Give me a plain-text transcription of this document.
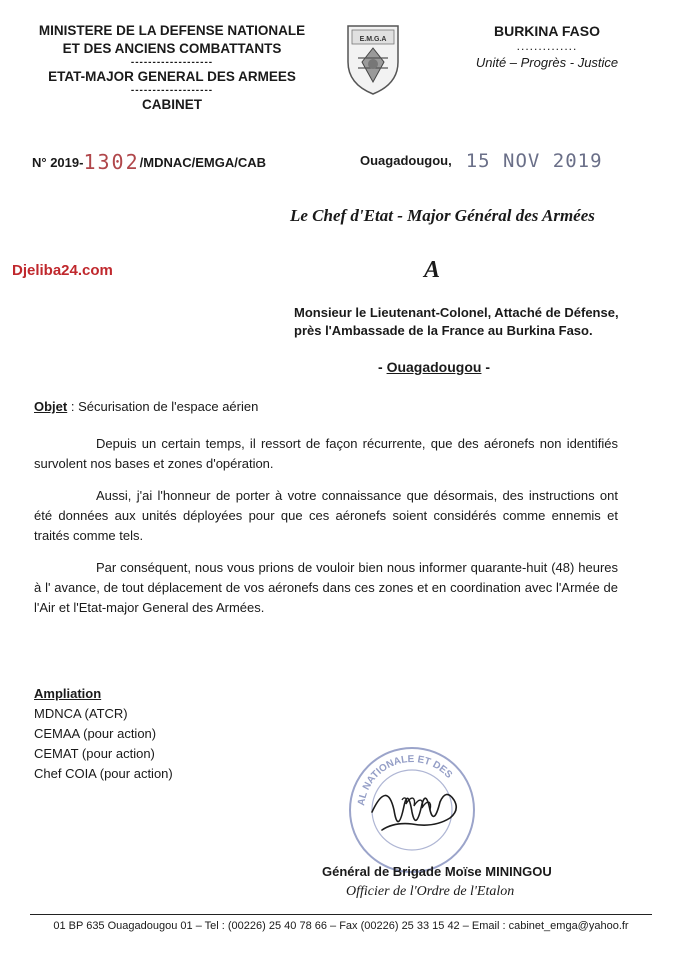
MINISTERE DE LA DEFENSE NATIONALE
ET DES ANCIENS COMBATTANTS
-------------------
ETAT-MAJOR GENERAL DES ARMEES
-------------------
CABINET
E.M.G.A
BURKINA FASO
..............
Unité – Progrès - Justice
N° 2019-1302/MDNAC/EMGA/CAB	Ouagadougou, 15 NOV 2019
Le Chef d'Etat - Major Général des Armées
Djeliba24.com	A
Monsieur le Lieutenant-Colonel, Attaché de Défense, près l'Ambassade de la France au Burkina Faso.
- Ouagadougou -
Objet : Sécurisation de l'espace aérien
Depuis un certain temps, il ressort de façon récurrente, que des aéronefs non identifiés survolent nos bases et zones d'opération.
Aussi, j'ai l'honneur de porter à votre connaissance que désormais, des instructions ont été données aux unités déployées pour que ces aéronefs soient considérés comme ennemis et traités comme tels.
Par conséquent, nous vous prions de vouloir bien nous informer quarante-huit (48) heures à l' avance, de tout déplacement de vos aéronefs dans ces zones et en coordination avec l'Armée de l'Air et l'Etat-major General des Armées.
Ampliation
MDNCA (ATCR)
CEMAA (pour action)
CEMAT (pour action)
Chef COIA (pour action)
AL NATIONALE ET DES
Général de Brigade Moïse MININGOU
Officier de l'Ordre de l'Etalon
01 BP 635 Ouagadougou 01 – Tel : (00226) 25 40 78 66 – Fax (00226) 25 33 15 42 – Email : cabinet_emga@yahoo.fr
